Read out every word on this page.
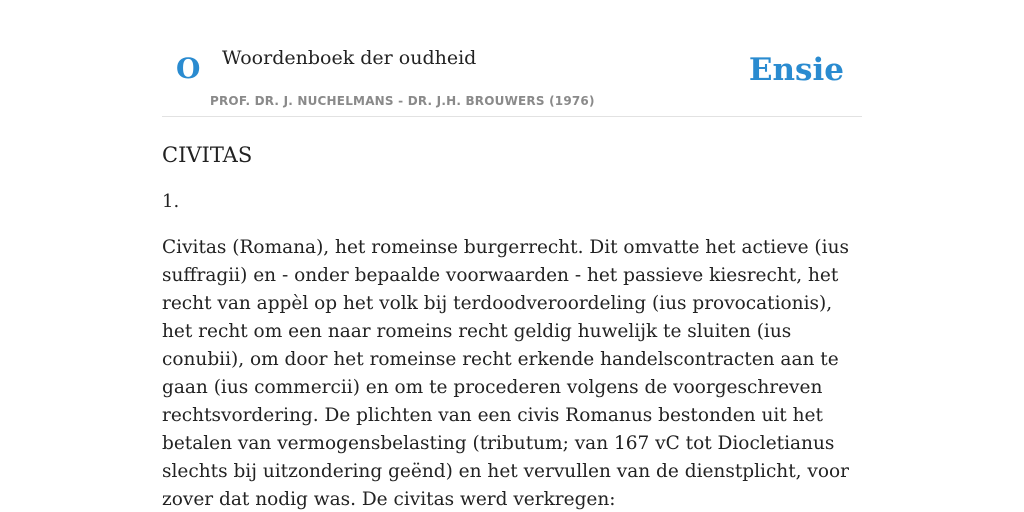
O Woordenboek der oudheid
PROF. DR. J. NUCHELMANS - DR. J.H. BROUWERS (1976)
Ensie
CIVITAS

1.

Civitas (Romana), het romeinse burgerrecht. Dit omvatte het actieve (ius suffragii) en - onder bepaalde voorwaarden - het passieve kiesrecht, het recht van appèl op het volk bij terdoodveroordeling (ius provocationis), het recht om een naar romeins recht geldig huwelijk te sluiten (ius conubii), om door het romeinse recht erkende handelscontracten aan te gaan (ius commercii) en om te procederen volgens de voorgeschreven rechtsvordering. De plichten van een civis Romanus bestonden uit het betalen van vermogensbelasting (tributum; van 167 vC tot Diocletianus slechts bij uitzondering geënd) en het vervullen van de dienstplicht, voor zover dat nodig was. De civitas werd verkregen:
